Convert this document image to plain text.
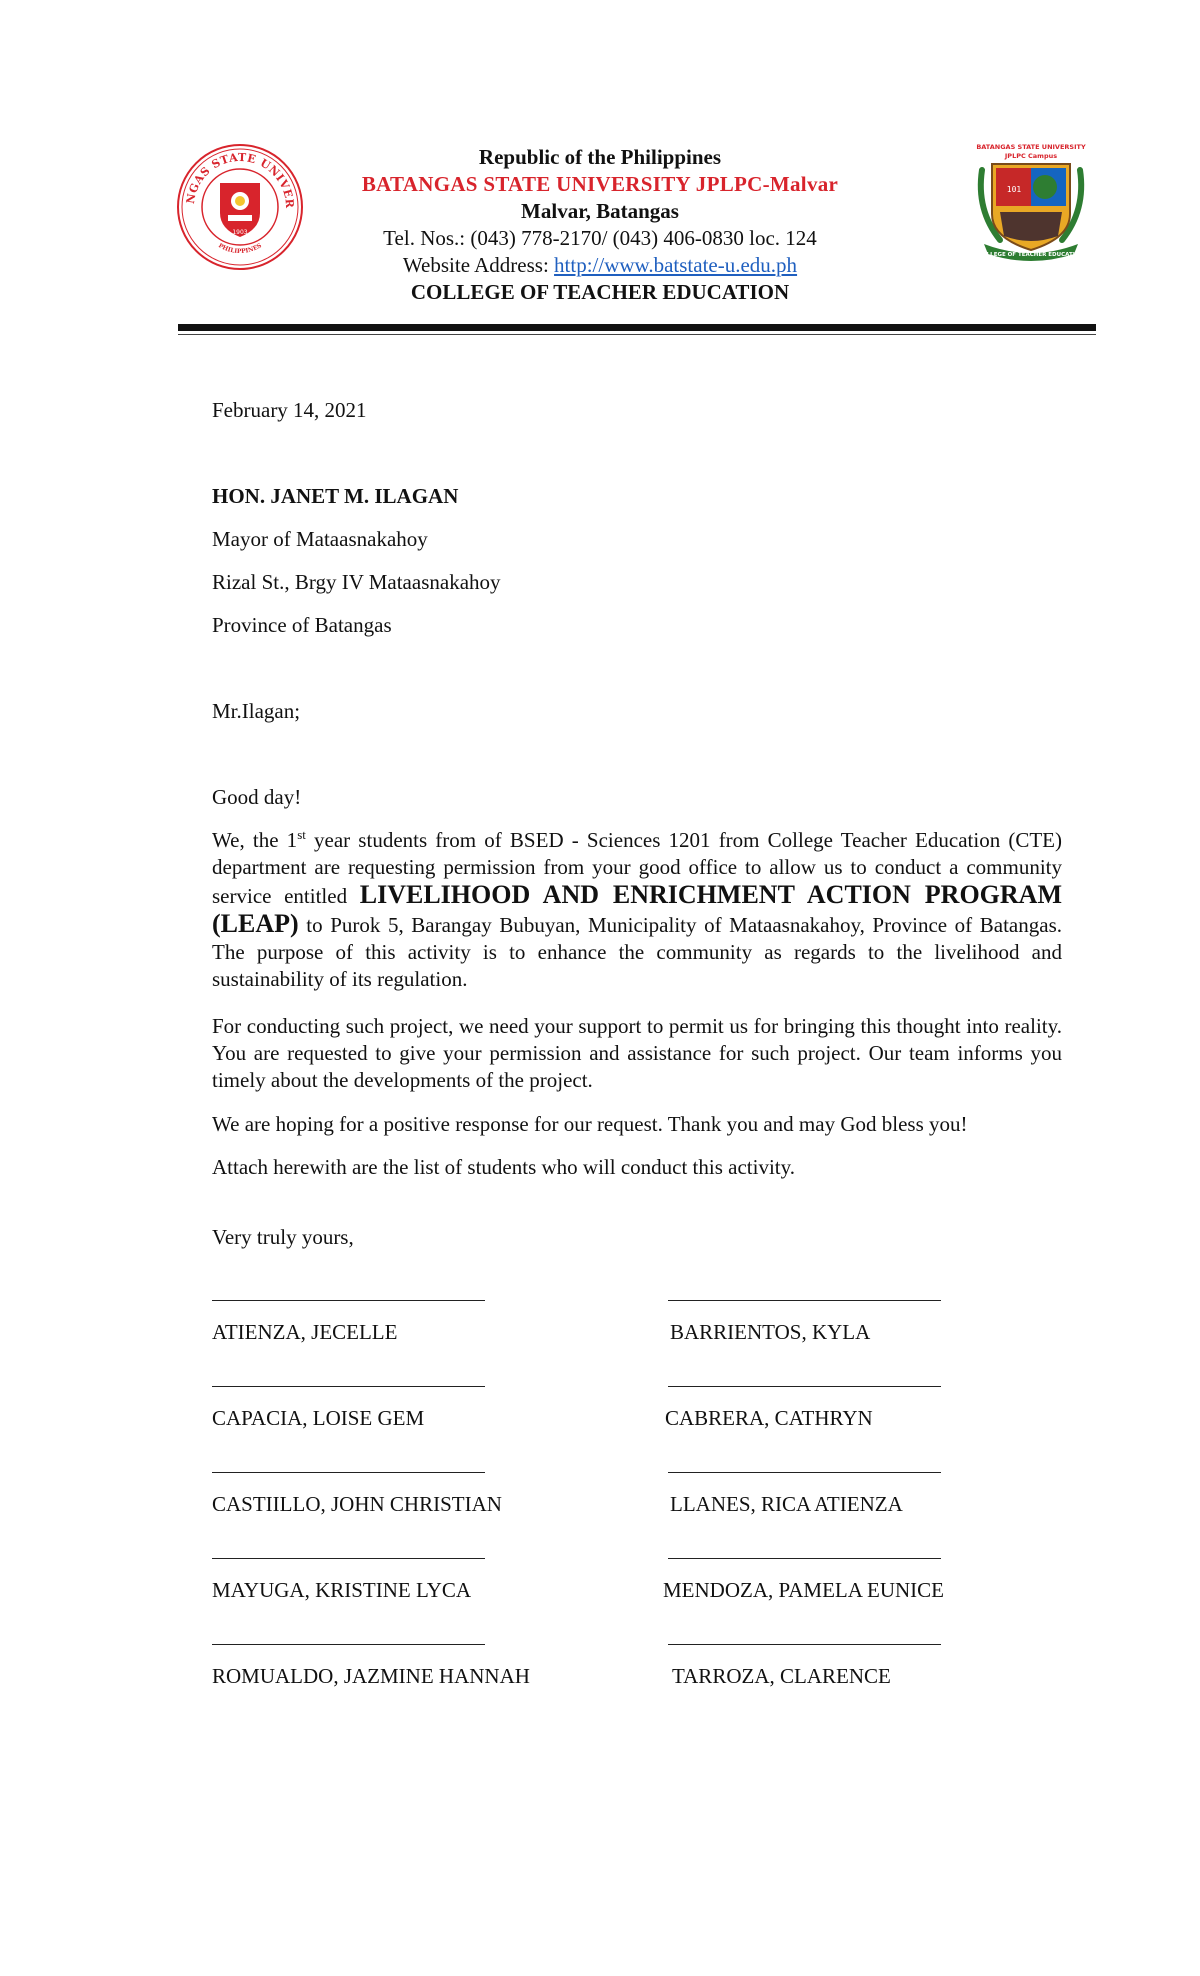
NGAS STATE UNIVER
PHILIPPINES
1903
BATANGAS STATE UNIVERSITY
JPLPC Campus
101
COLLEGE OF TEACHER EDUCATION
Republic of the Philippines
BATANGAS STATE UNIVERSITY JPLPC-Malvar
Malvar, Batangas
Tel. Nos.: (043) 778-2170/ (043) 406-0830 loc. 124
Website Address: http://www.batstate-u.edu.ph
COLLEGE OF TEACHER EDUCATION
February 14, 2021
HON. JANET M. ILAGAN
Mayor of Mataasnakahoy
Rizal St., Brgy IV Mataasnakahoy
Province of Batangas
Mr.Ilagan;
Good day!
We, the 1st year students from of BSED - Sciences 1201 from College Teacher Education (CTE) department are requesting permission from your good office to allow us to conduct a community service entitled LIVELIHOOD AND ENRICHMENT ACTION PROGRAM (LEAP) to Purok 5, Barangay Bubuyan, Municipality of Mataasnakahoy, Province of Batangas. The purpose of this activity is to enhance the community as regards to the livelihood and sustainability of its regulation.
For conducting such project, we need your support to permit us for bringing this thought into reality. You are requested to give your permission and assistance for such project. Our team informs you timely about the developments of the project.
We are hoping for a positive response for our request. Thank you and may God bless you!
Attach herewith are the list of students who will conduct this activity.
Very truly yours,
ATIENZA, JECELLE	BARRIENTOS, KYLA
CAPACIA, LOISE GEM	CABRERA, CATHRYN
CASTIILLO, JOHN CHRISTIAN	LLANES, RICA ATIENZA
MAYUGA, KRISTINE LYCA	MENDOZA, PAMELA EUNICE
ROMUALDO, JAZMINE HANNAH	TARROZA, CLARENCE
